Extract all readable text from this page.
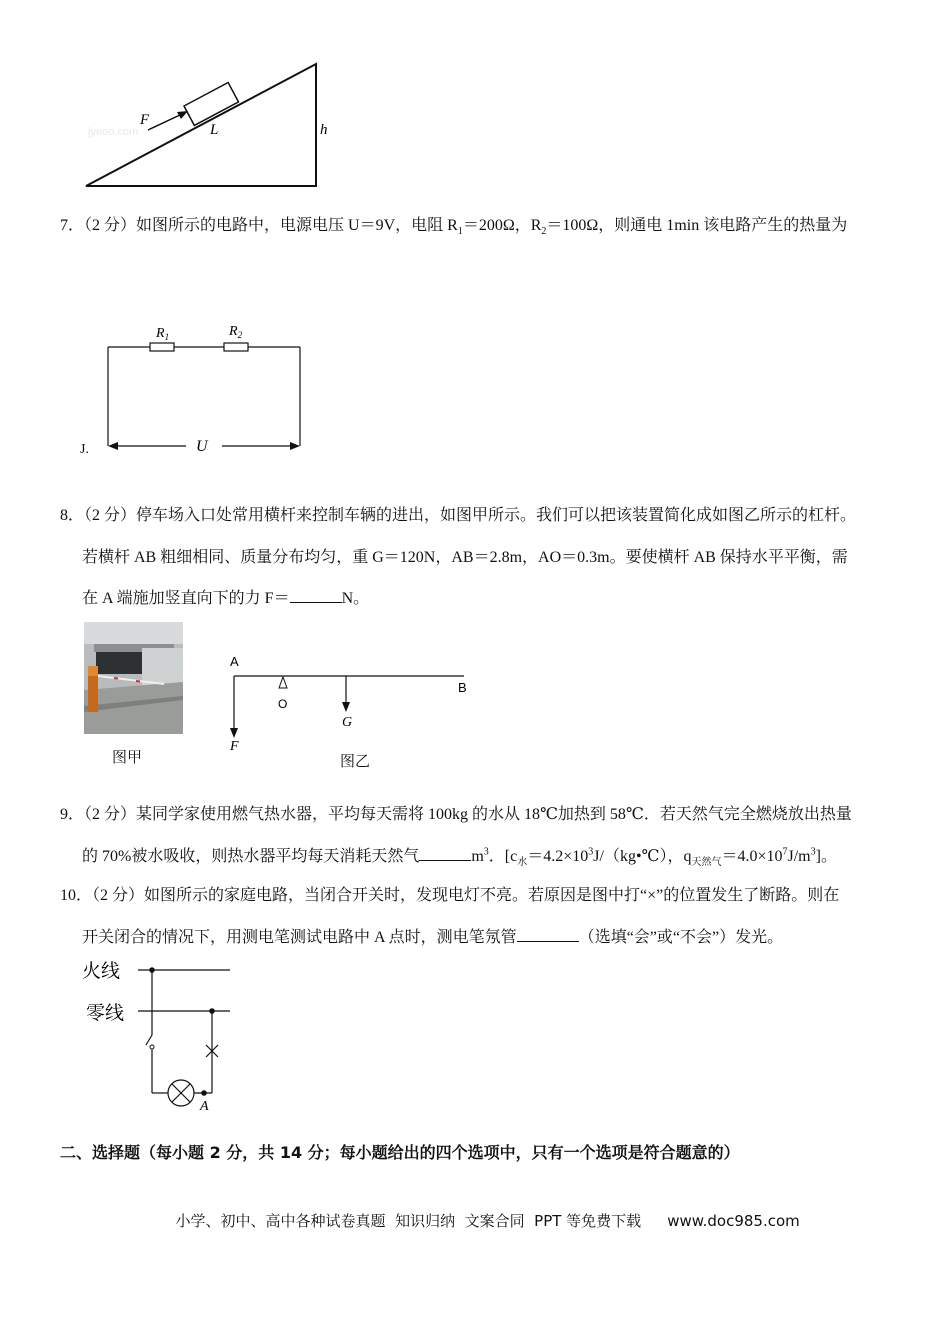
F
L	h
jyeoo.com
7．（2 分）如图所示的电路中，电源电压 U＝9V，电阻 $R_1=200\Omega$，$R_2=100\Omega$，则通电 1min 该电路产生的热量为
$R_1$	$R_2$
U
J.
8．（2 分）停车场入口处常用横杆来控制车辆的进出，如图甲所示。我们可以把该装置简化成如图乙所示的杠杆。
若横杆 AB 粗细相同、质量分布均匀，重 G＝120N，AB＝2.8m，AO＝0.3m。要使横杆 AB 保持水平平衡，需
在 A 端施加竖直向下的力 F＝	N。
图甲
A
B
O
G
F
图乙
9．（2 分）某同学家使用燃气热水器，平均每天需将 100kg 的水从 18℃加热到 58℃．若天然气完全燃烧放出热量
的 70%被水吸收，则热水器平均每天消耗天然气	$m^3$．[$c_水=4.2\times 10^3J/(kg•℃)$，$q_{天然气}=4.0\times 10^7J/m^3$]。
10．（2 分）如图所示的家庭电路，当闭合开关时，发现电灯不亮。若原因是图中打“×”的位置发生了断路。则在
开关闭合的情况下，用测电笔测试电路中 A 点时，测电笔氖管	（选填“会”或“不会”）发光。
火线
零线
A
二、选择题（每小题 2 分，共 14 分；每小题给出的四个选项中，只有一个选项是符合题意的）

小学、初中、高中各种试卷真题  知识归纳  文案合同  PPT 等免费下载 www.doc985.com
